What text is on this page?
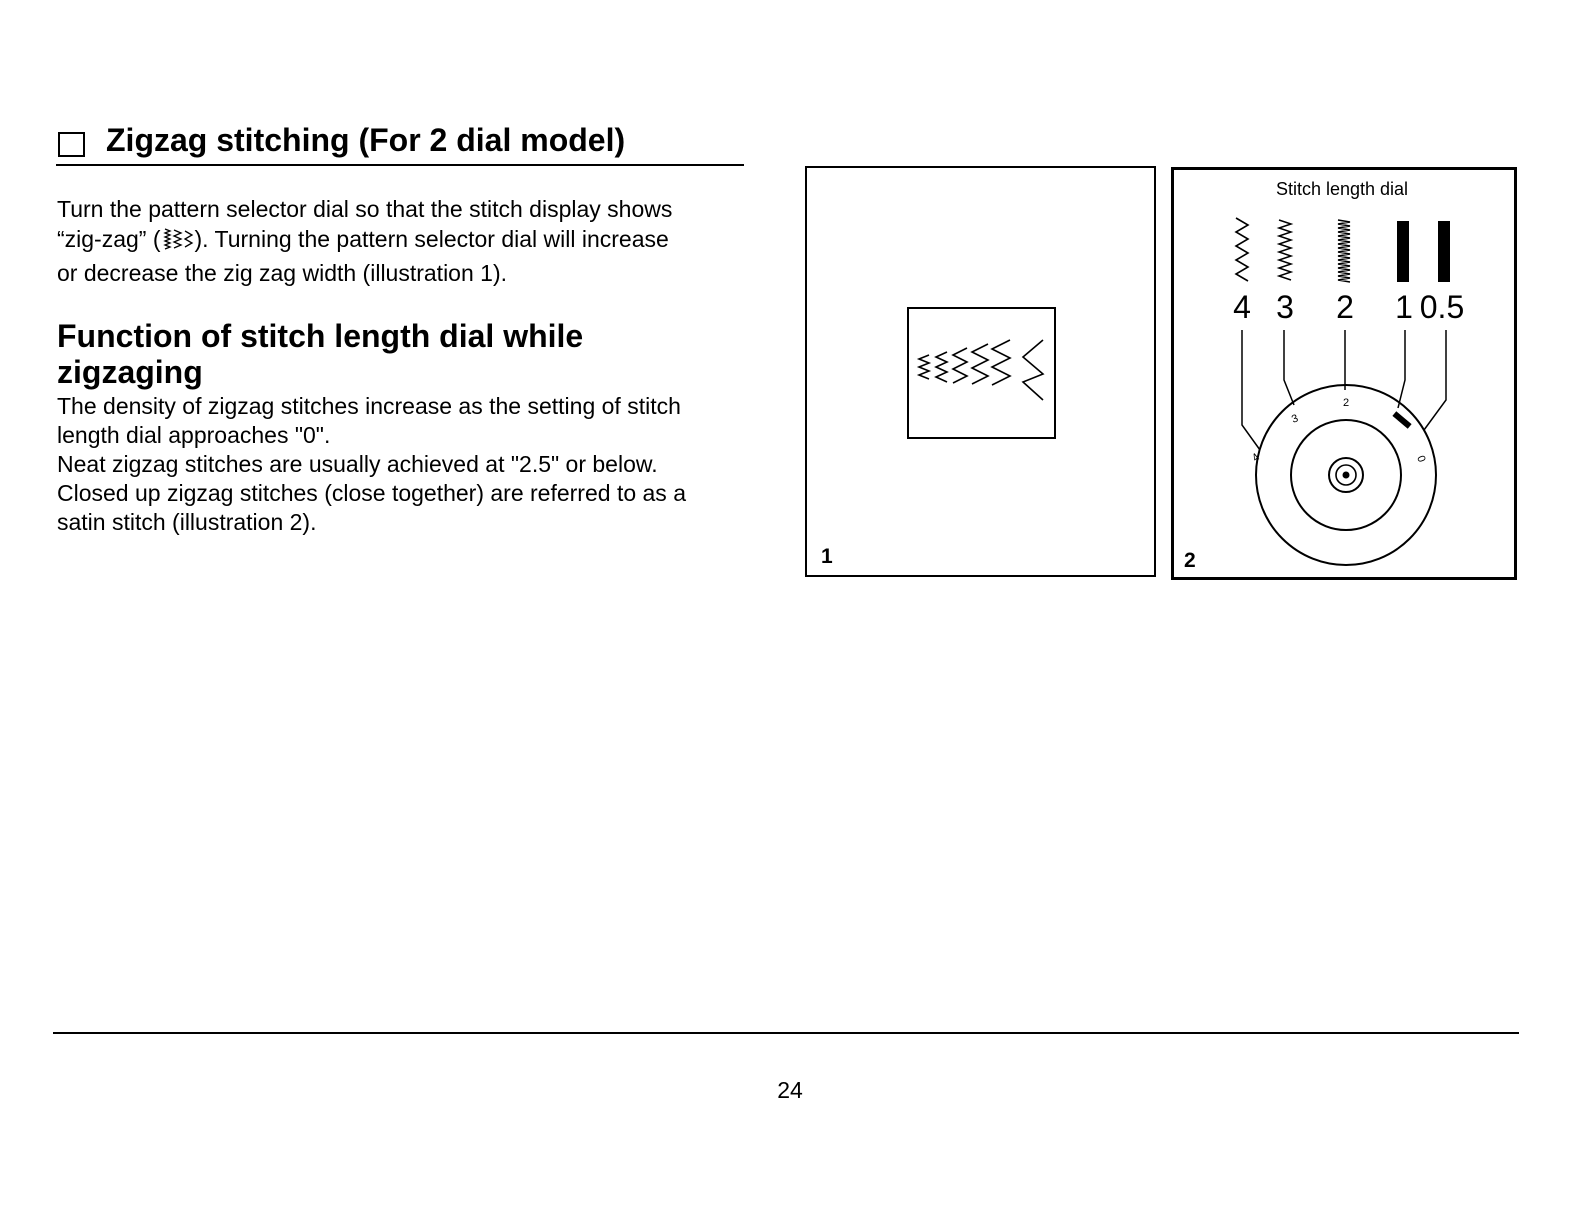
Zigzag stitching (For 2 dial model)

Turn the pattern selector dial so that the stitch display shows
“zig-zag” ( ). Turning the pattern selector dial will increase
or decrease the zig zag width (illustration 1).

Function of stitch length dial while zigzaging

The density of zigzag stitches increase as the setting of stitch
length dial approaches "0".
Neat zigzag stitches are usually achieved at "2.5" or below.
Closed up zigzag stitches (close together) are referred to as a
satin stitch (illustration 2).

1
Stitch length dial
4 3 2 1 0.5
4
3
2
0
2
24
